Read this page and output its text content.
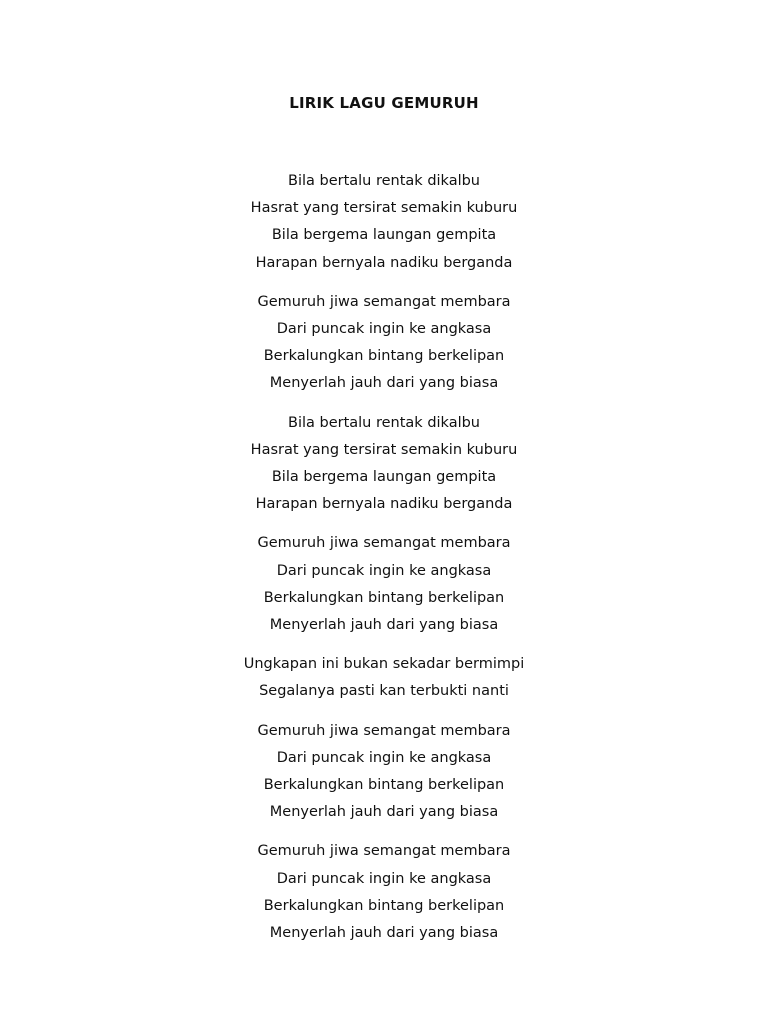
LIRIK LAGU GEMURUH
Bila bertalu rentak dikalbu
Hasrat yang tersirat semakin kuburu
Bila bergema laungan gempita
Harapan bernyala nadiku berganda
Gemuruh jiwa semangat membara
Dari puncak ingin ke angkasa
Berkalungkan bintang berkelipan
Menyerlah jauh dari yang biasa
Bila bertalu rentak dikalbu
Hasrat yang tersirat semakin kuburu
Bila bergema laungan gempita
Harapan bernyala nadiku berganda
Gemuruh jiwa semangat membara
Dari puncak ingin ke angkasa
Berkalungkan bintang berkelipan
Menyerlah jauh dari yang biasa
Ungkapan ini bukan sekadar bermimpi
Segalanya pasti kan terbukti nanti
Gemuruh jiwa semangat membara
Dari puncak ingin ke angkasa
Berkalungkan bintang berkelipan
Menyerlah jauh dari yang biasa
Gemuruh jiwa semangat membara
Dari puncak ingin ke angkasa
Berkalungkan bintang berkelipan
Menyerlah jauh dari yang biasa
